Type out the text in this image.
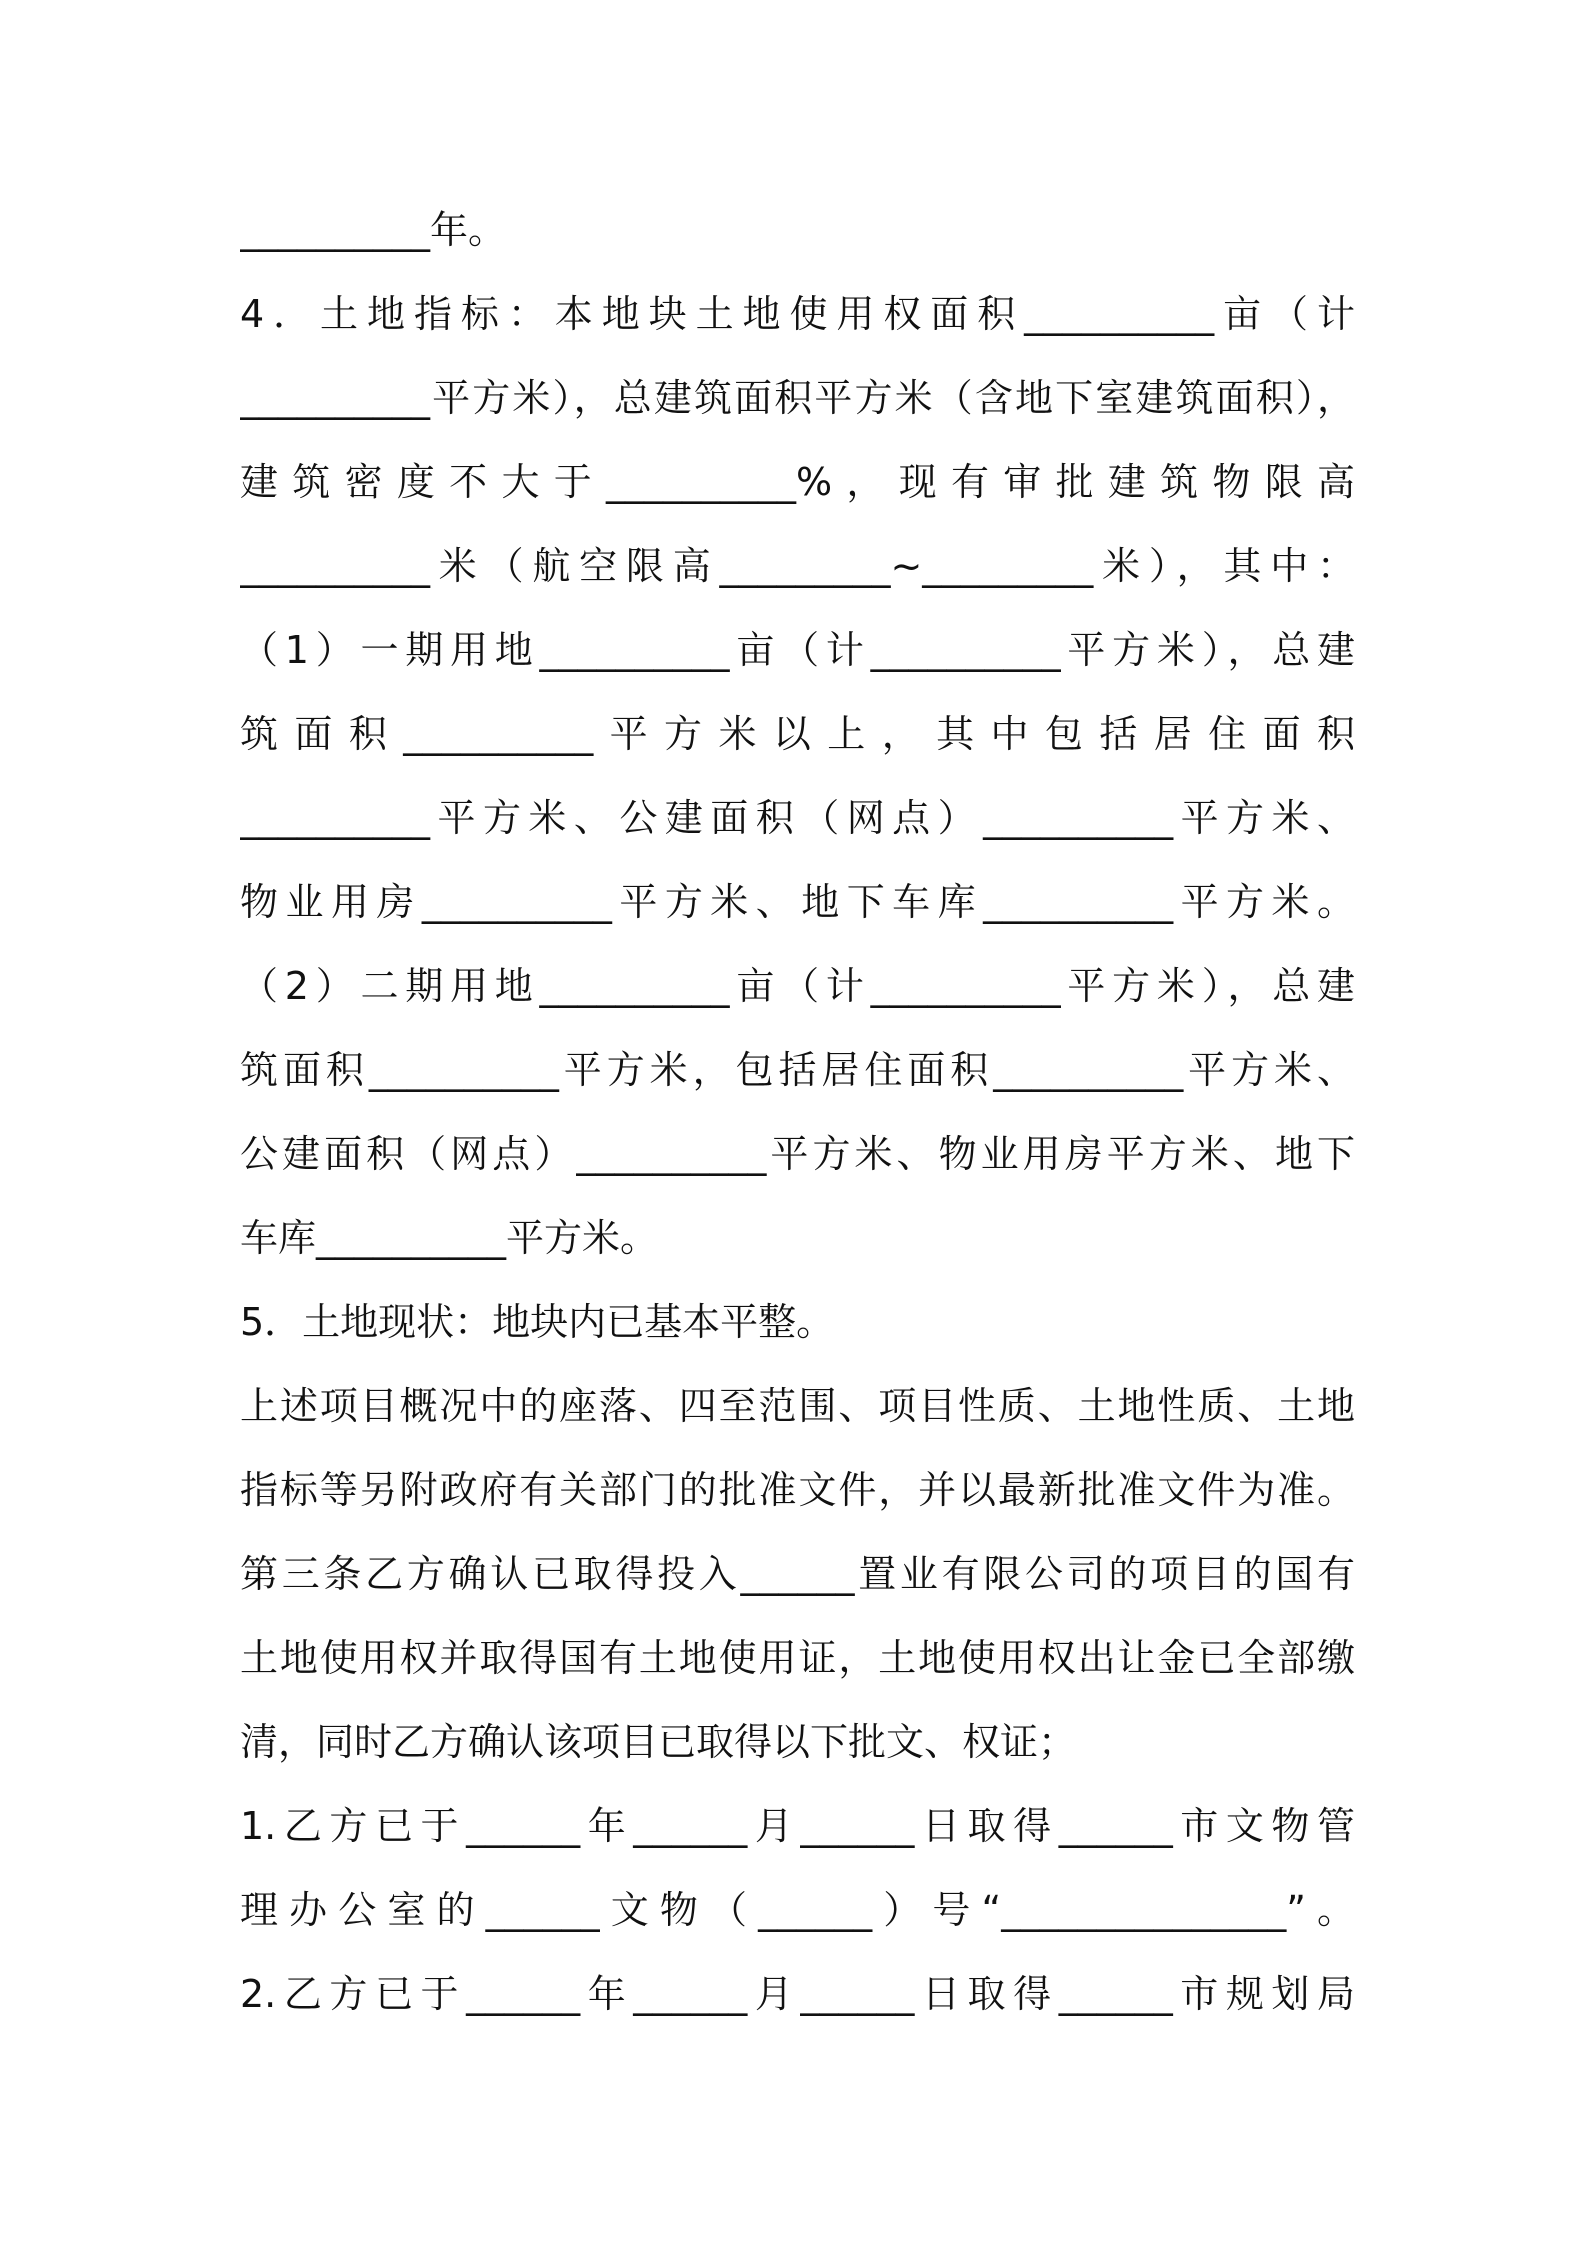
__________年。
4．土地指标：本地块土地使用权面积__________亩（计
__________平方米），总建筑面积平方米（含地下室建筑面积），
建筑密度不大于__________%，现有审批建筑物限高
__________米（航空限高_________~_________米），其中：
（1）一期用地__________亩（计__________平方米），总建
筑面积__________平方米以上，其中包括居住面积
__________平方米、公建面积（网点）__________平方米、
物业用房__________平方米、地下车库__________平方米。
（2）二期用地__________亩（计__________平方米），总建
筑面积__________平方米，包括居住面积__________平方米、
公建面积（网点）__________平方米、物业用房平方米、地下
车库__________平方米。
5．土地现状：地块内已基本平整。
上述项目概况中的座落、四至范围、项目性质、土地性质、土地
指标等另附政府有关部门的批准文件，并以最新批准文件为准。
第三条乙方确认已取得投入______置业有限公司的项目的国有
土地使用权并取得国有土地使用证，土地使用权出让金已全部缴
清，同时乙方确认该项目已取得以下批文、权证；
1.乙方已于______年______月______日取得______市文物管
理办公室的______文物（______）号“_______________”。
2.乙方已于______年______月______日取得______市规划局
